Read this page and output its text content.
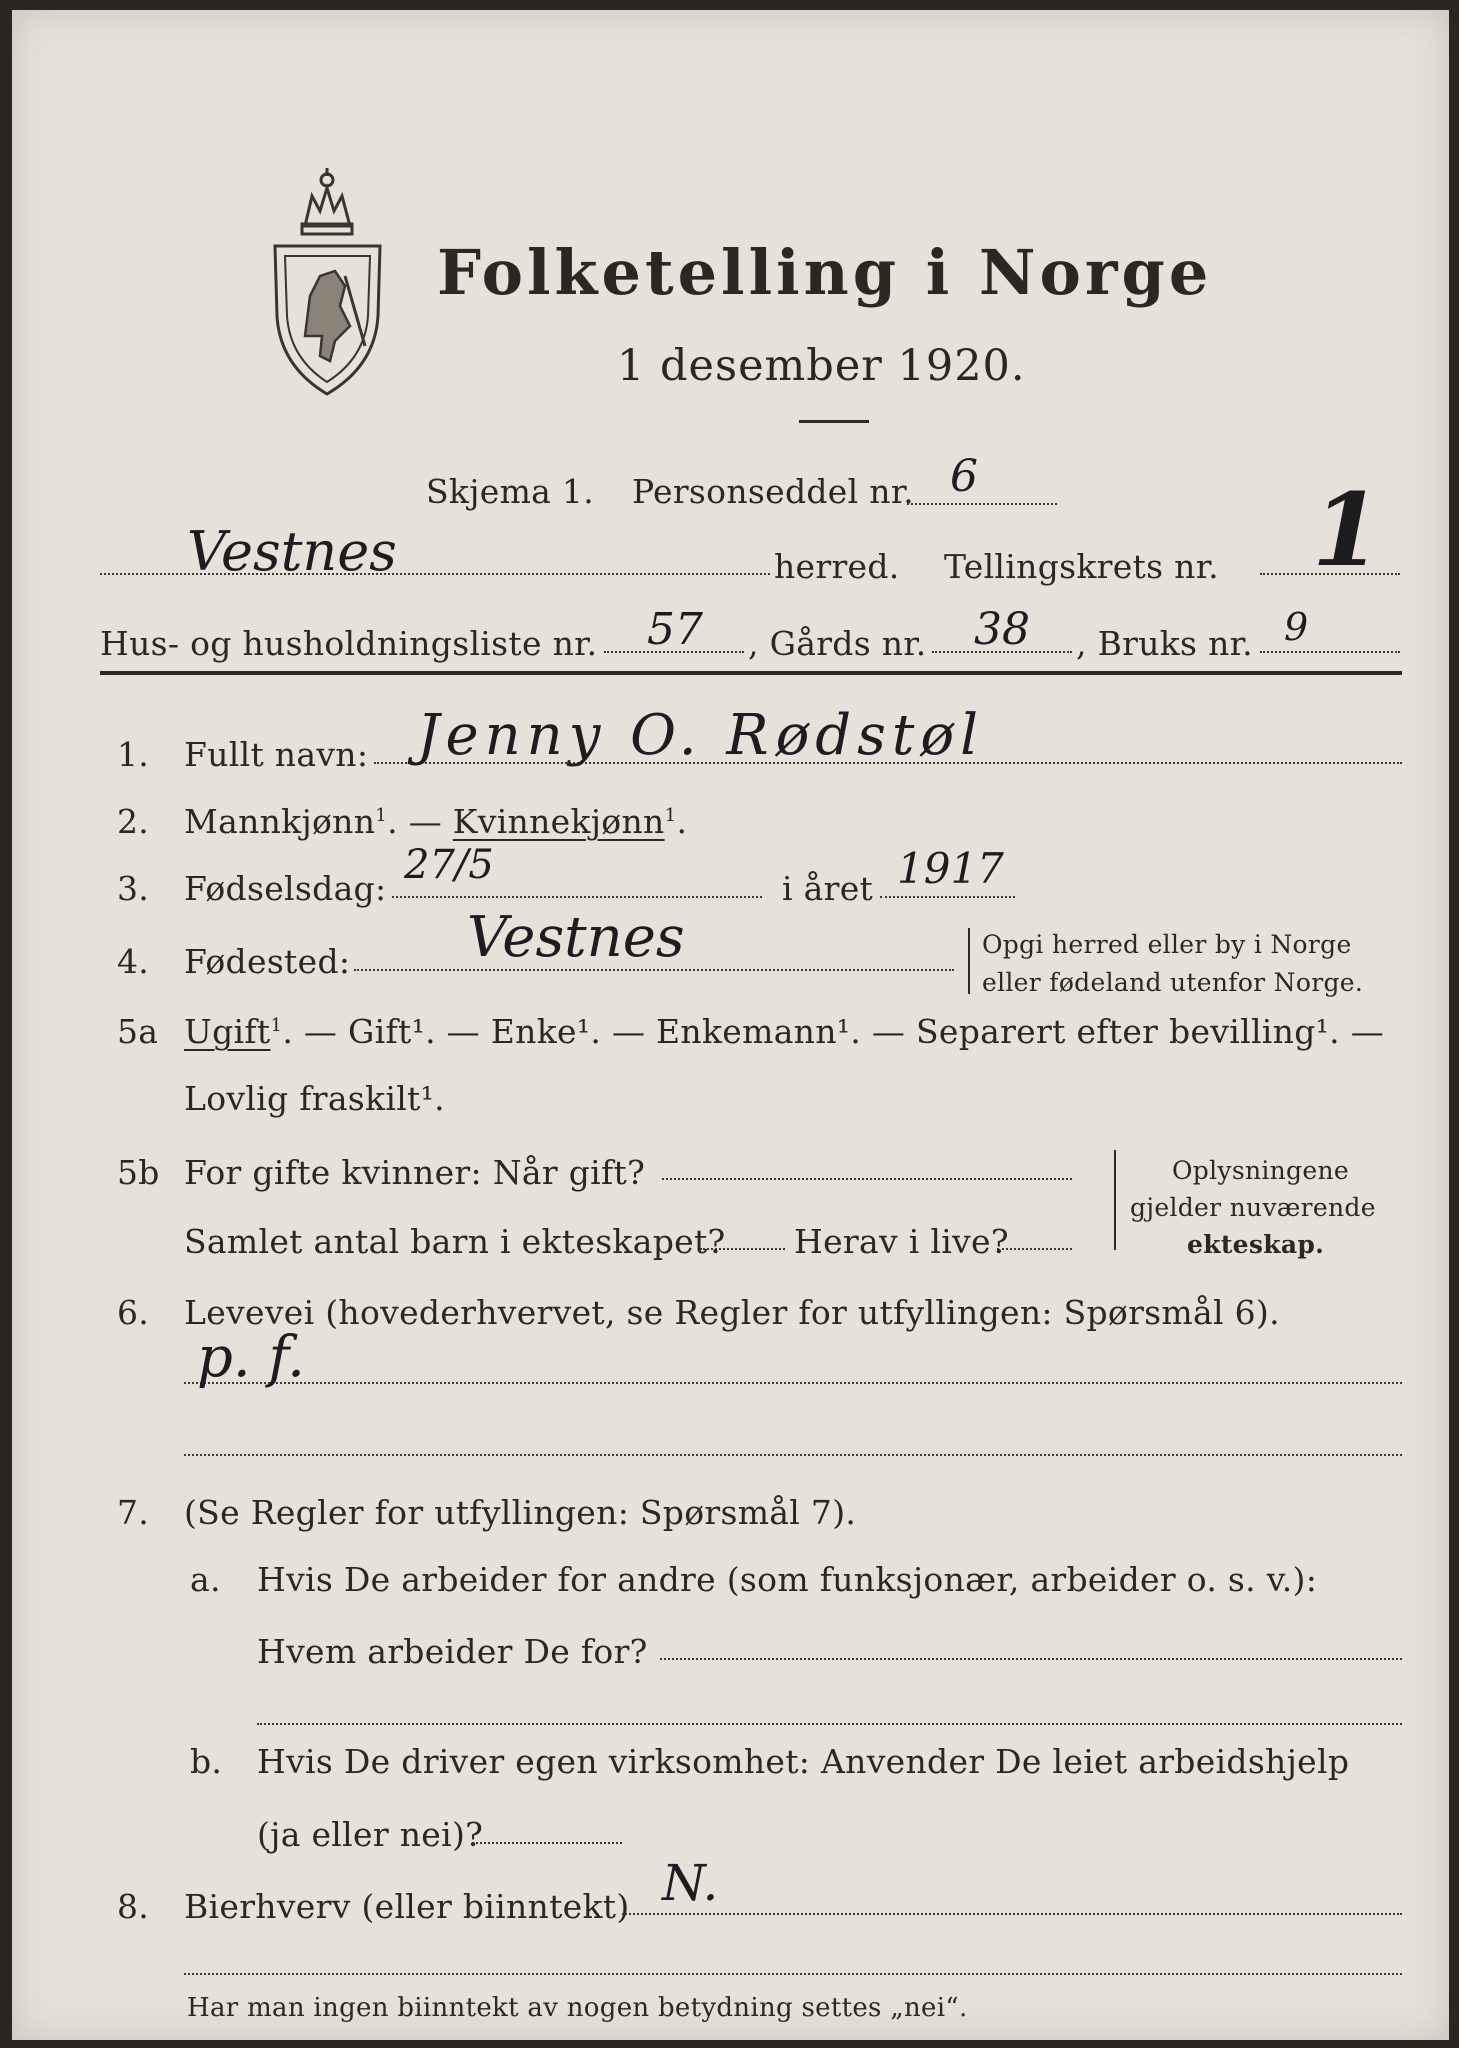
Folketelling i Norge
1 desember 1920.
Skjema 1. Personseddel nr. 6
Vestnes	herred. Tellingskrets nr. 1
Hus- og husholdningsliste nr. 57 , Gårds nr. 38 , Bruks nr. 9
1. Fullt navn: Jenny O. Rødstøl
2. Mannkjønn$^1$. — Kvinnekjønn$^1$.
3. Fødselsdag:
27/5
i året 1917
4. Fødested: Vestnes	Opgi herred eller by i Norge
eller fødeland utenfor Norge.
5a Ugift$^1$. — Gift¹. — Enke¹. — Enkemann¹. — Separert efter bevilling¹. —
Lovlig fraskilt¹.
5b For gifte kvinner: Når gift?
Samlet antal barn i ekteskapet? Herav i live?
Oplysningene
gjelder nuværende
ekteskap.
6. Levevei (hovederhvervet, se Regler for utfyllingen: Spørsmål 6).
p. f.
7. (Se Regler for utfyllingen: Spørsmål 7).
a. Hvis De arbeider for andre (som funksjonær, arbeider o. s. v.):
Hvem arbeider De for?
b. Hvis De driver egen virksomhet: Anvender De leiet arbeidshjelp
(ja eller nei)?
8. Bierhverv (eller biinntekt) N.
Har man ingen biinntekt av nogen betydning settes „nei“.
